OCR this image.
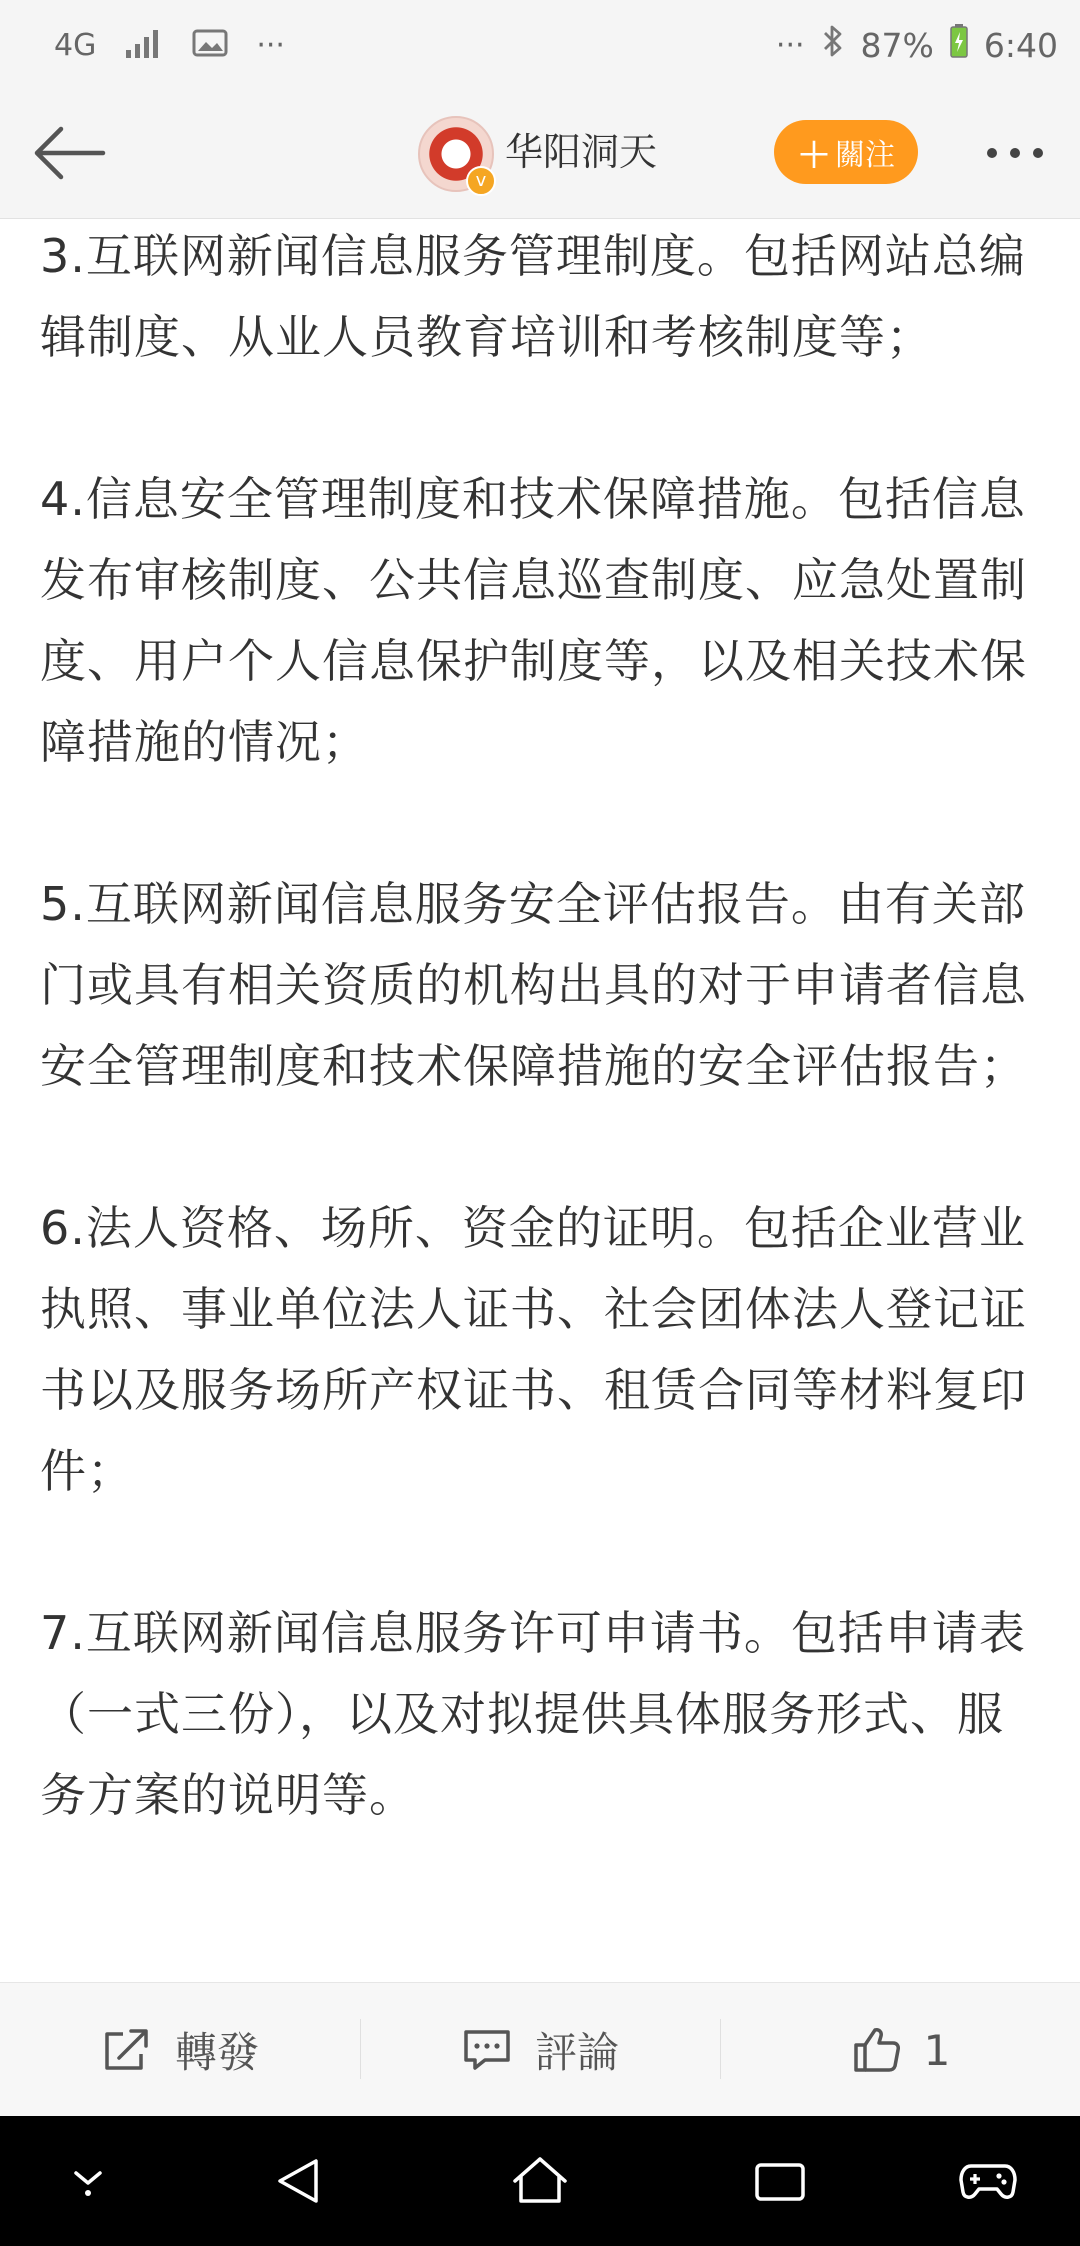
4G	···	··· 87% 6:40
v
华阳洞天	＋ 關注

3.互联网新闻信息服务管理制度。包括网站总编辑制度、从业人员教育培训和考核制度等；

4.信息安全管理制度和技术保障措施。包括信息发布审核制度、公共信息巡查制度、应急处置制度、用户个人信息保护制度等，以及相关技术保障措施的情况；

5.互联网新闻信息服务安全评估报告。由有关部门或具有相关资质的机构出具的对于申请者信息安全管理制度和技术保障措施的安全评估报告；

6.法人资格、场所、资金的证明。包括企业营业执照、事业单位法人证书、社会团体法人登记证书以及服务场所产权证书、租赁合同等材料复印件；

7.互联网新闻信息服务许可申请书。包括申请表（一式三份），以及对拟提供具体服务形式、服务方案的说明等。

轉發	評論	1
